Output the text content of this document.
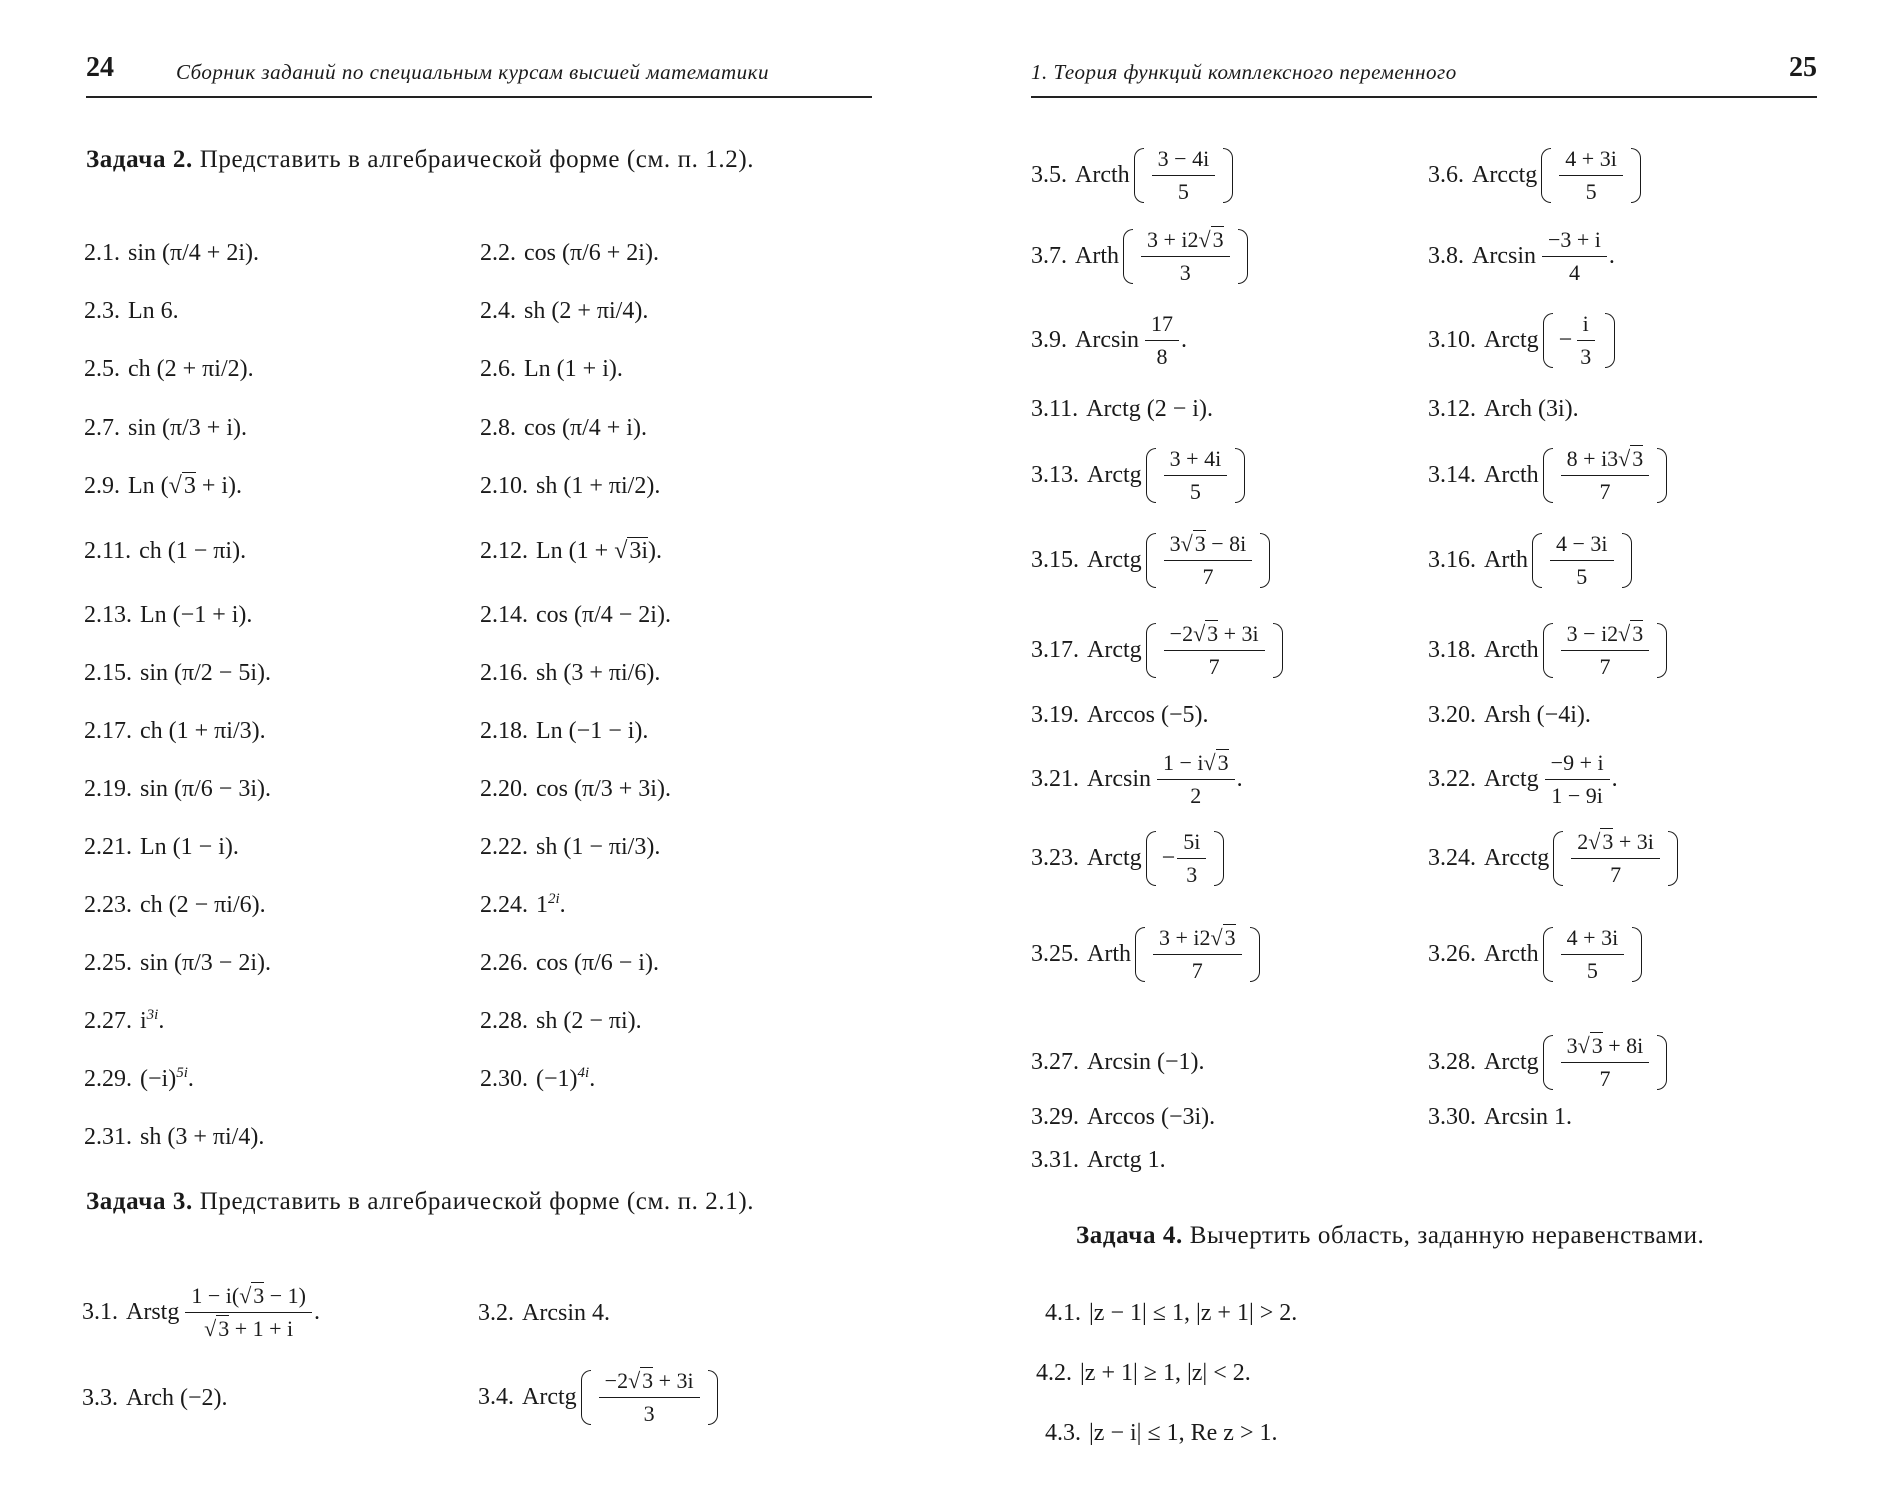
24	Сборник заданий по специальным курсам высшей математики
Задача 2. Представить в алгебраической форме (см. п. 1.2).
2.1. sin (π/4 + 2i).	2.2. cos (π/6 + 2i).
2.3. Ln 6.	2.4. sh (2 + πi/4).
2.5. ch (2 + πi/2).	2.6. Ln (1 + i).
2.7. sin (π/3 + i).	2.8. cos (π/4 + i).
2.9. Ln (√3 + i).	2.10. sh (1 + πi/2).
2.11. ch (1 − πi).	2.12. Ln (1 + √3i).
2.13. Ln (−1 + i).	2.14. cos (π/4 − 2i).
2.15. sin (π/2 − 5i).	2.16. sh (3 + πi/6).
2.17. ch (1 + πi/3).	2.18. Ln (−1 − i).
2.19. sin (π/6 − 3i).	2.20. cos (π/3 + 3i).
2.21. Ln (1 − i).	2.22. sh (1 − πi/3).
2.23. ch (2 − πi/6).	2.24. $1^{2i}$.
2.25. sin (π/3 − 2i).	2.26. cos (π/6 − i).
2.27. $i^{3i}$.	2.28. sh (2 − πi).
2.29. $(-i)^{5i}$.	2.30. $(-1)^{4i}$.
2.31. sh (3 + πi/4).
Задача 3. Представить в алгебраической форме (см. п. 2.1).
3.1. Arstg $\frac{1 - i(√3 - 1)}{√3 + 1 + i}$ .	3.2. Arcsin 4.
3.3. Arch (−2).	3.4. Arctg $\frac{-2√3 + 3i}{3}$
1. Теория функций комплексного переменного	25
3.5. Arcth $\frac{3 - 4i}{5}$	3.6. Arcctg $\frac{4 + 3i}{5}$
3.7. Arth $\frac{3 + i2√3}{3}$	3.8. Arcsin $\frac{-3 + i}{4}$ .
3.9. Arcsin $\frac{17}{8}$ .	3.10. Arctg − $\frac{i}{3}$
3.11. Arctg (2 − i).	3.12. Arch (3i).
3.13. Arctg $\frac{3 + 4i}{5}$	3.14. Arcth $\frac{8 + i3√3}{7}$
3.15. Arctg $\frac{3√3 - 8i}{7}$	3.16. Arth $\frac{4 - 3i}{5}$
3.17. Arctg $\frac{-2√3 + 3i}{7}$	3.18. Arcth $\frac{3 - i2√3}{7}$
3.19. Arccos (−5).	3.20. Arsh (−4i).
3.21. Arcsin $\frac{1 - i√3}{2}$ .	3.22. Arctg $\frac{-9 + i}{1 - 9i}$ .
3.23. Arctg − $\frac{5i}{3}$	3.24. Arcctg $\frac{2√3 + 3i}{7}$
3.25. Arth $\frac{3 + i2√3}{7}$	3.26. Arcth $\frac{4 + 3i}{5}$
3.27. Arcsin (−1).	3.28. Arctg $\frac{3√3 + 8i}{7}$
3.29. Arccos (−3i).	3.30. Arcsin 1.
3.31. Arctg 1.
Задача 4. Вычертить область, заданную неравенствами.
4.1. |z − 1| ≤ 1, |z + 1| > 2.
4.2. |z + 1| ≥ 1, |z| < 2.
4.3. |z − i| ≤ 1, Re z > 1.
